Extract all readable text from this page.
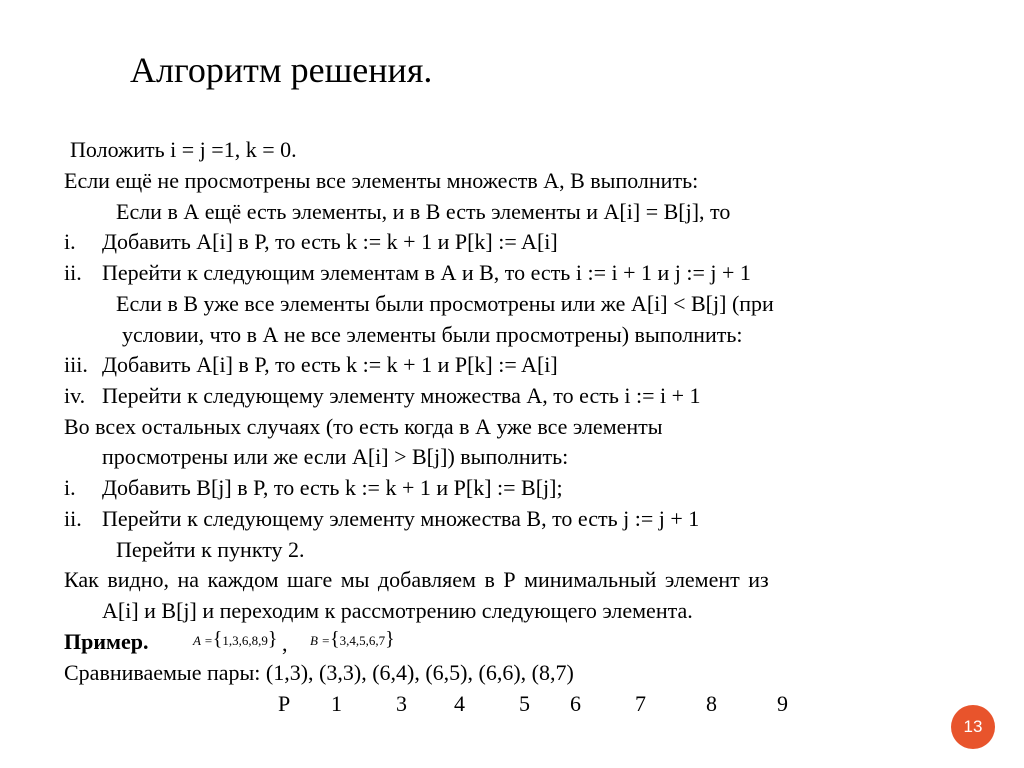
Алгоритм решения.
Положить i = j =1, k = 0.
Если ещё не просмотрены все элементы множеств А, В выполнить:
Если в А ещё есть элементы, и в В есть элементы и A[i] = B[j], то
i. Добавить A[i] в P, то есть k := k + 1 и P[k] := A[i]
ii. Перейти к следующим элементам в А и В, то есть i := i + 1 и j := j + 1
Если в В уже все элементы были просмотрены или же A[i] < B[j] (при
условии, что в А не все элементы были просмотрены) выполнить:
iii. Добавить A[i] в P, то есть k := k + 1 и P[k] := A[i]
iv. Перейти к следующему элементу множества А, то есть i := i + 1
Во всех остальных случаях (то есть когда в А уже все элементы
просмотрены или же если A[i] > B[j]) выполнить:
i. Добавить B[j] в P, то есть k := k + 1 и P[k] := B[j];
ii. Перейти к следующему элементу множества В, то есть j := j + 1
Перейти к пункту 2.
Как видно, на каждом шаге мы добавляем в Р минимальный элемент из
A[i] и B[j] и переходим к рассмотрению следующего элемента.
Пример.	A ={1,3,6,8,9} , B ={3,4,5,6,7}
Сравниваемые пары: (1,3), (3,3), (6,4), (6,5), (6,6), (8,7)
P 1 3 4 5 6 7	8	9
13
